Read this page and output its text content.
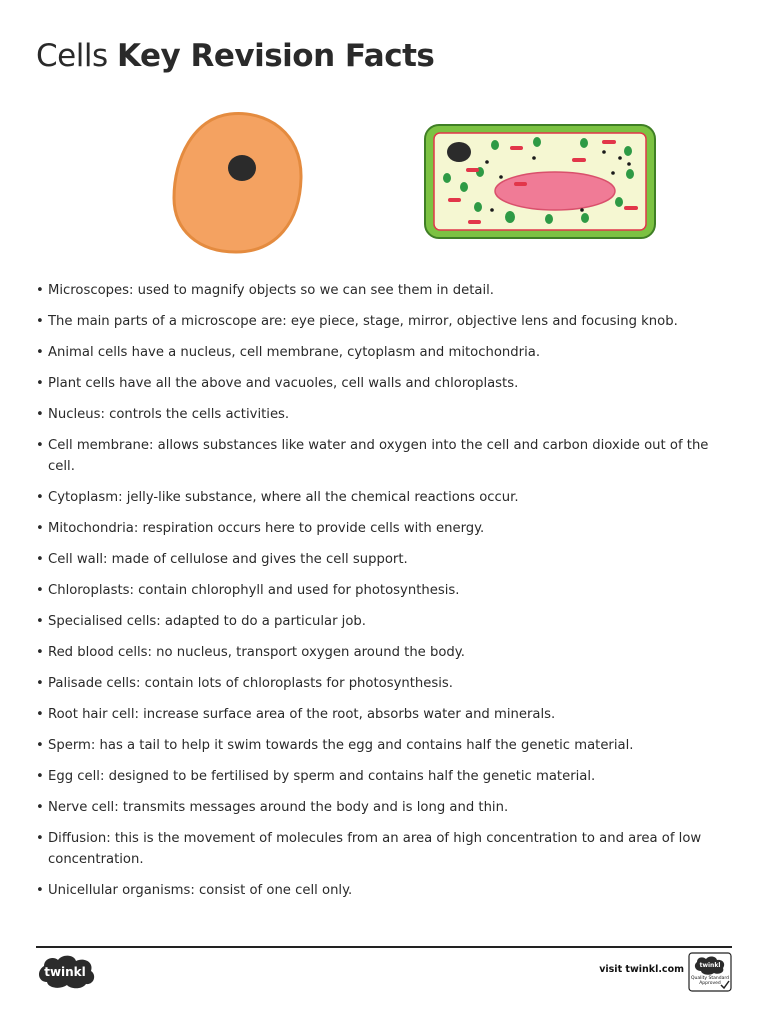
Cells Key Revision Facts
• Microscopes: used to magnify objects so we can see them in detail.
• The main parts of a microscope are: eye piece, stage, mirror, objective lens and focusing knob.
• Animal cells have a nucleus, cell membrane, cytoplasm and mitochondria.
• Plant cells have all the above and vacuoles, cell walls and chloroplasts.
• Nucleus: controls the cells activities.
• Cell membrane: allows substances like water and oxygen into the cell and carbon dioxide out of the cell.
• Cytoplasm: jelly-like substance, where all the chemical reactions occur.
• Mitochondria: respiration occurs here to provide cells with energy.
• Cell wall: made of cellulose and gives the cell support.
• Chloroplasts: contain chlorophyll and used for photosynthesis.
• Specialised cells: adapted to do a particular job.
• Red blood cells: no nucleus, transport oxygen around the body.
• Palisade cells: contain lots of chloroplasts for photosynthesis.
• Root hair cell: increase surface area of the root, absorbs water and minerals.
• Sperm: has a tail to help it swim towards the egg and contains half the genetic material.
• Egg cell: designed to be fertilised by sperm and contains half the genetic material.
• Nerve cell: transmits messages around the body and is long and thin.
• Diffusion: this is the movement of molecules from an area of high concentration to and area of low concentration.
• Unicellular organisms: consist of one cell only.
twinkl	visit twinkl.com	twinkl
Quality Standard Approved
